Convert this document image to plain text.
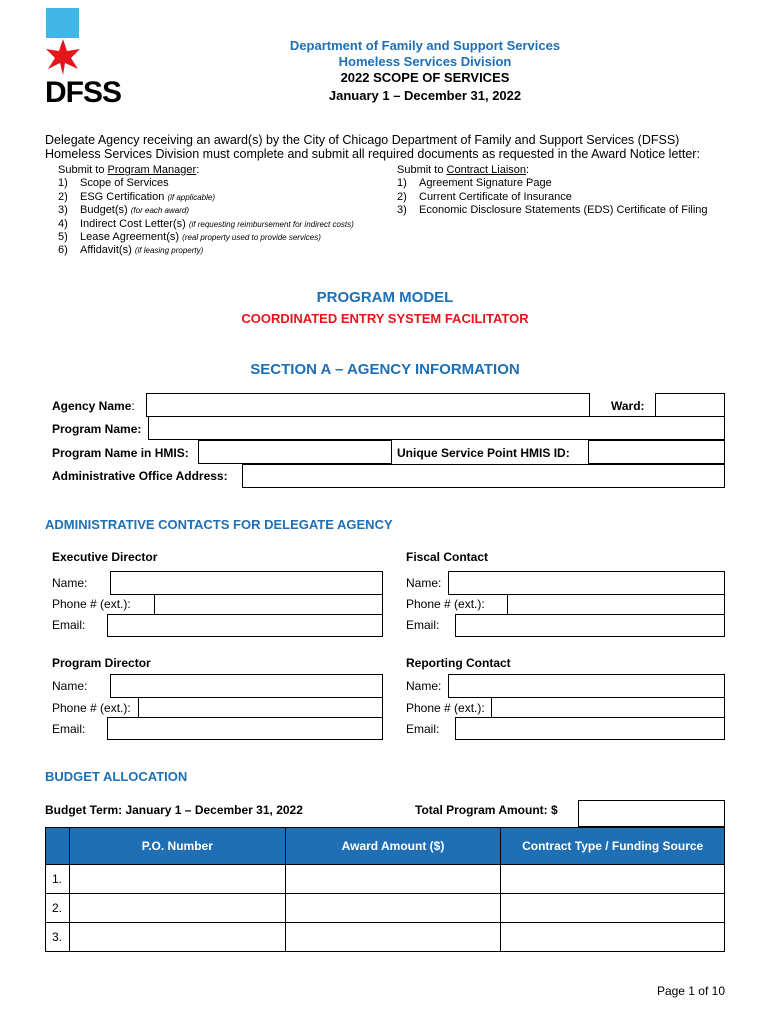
DFSS
Department of Family and Support Services
Homeless Services Division
2022 SCOPE OF SERVICES
January 1 – December 31, 2022
Delegate Agency receiving an award(s) by the City of Chicago Department of Family and Support Services (DFSS)
Homeless Services Division must complete and submit all required documents as requested in the Award Notice letter:
Submit to Program Manager:
1) Scope of Services
2) ESG Certification (if applicable)
3) Budget(s) (for each award)
4) Indirect Cost Letter(s) (if requesting reimbursement for indirect costs)
5) Lease Agreement(s) (real property used to provide services)
6) Affidavit(s) (if leasing property)
Submit to Contract Liaison:
1) Agreement Signature Page
2) Current Certificate of Insurance
3) Economic Disclosure Statements (EDS) Certificate of Filing
PROGRAM MODEL
COORDINATED ENTRY SYSTEM FACILITATOR
SECTION A – AGENCY INFORMATION
Agency Name:	Ward:
Program Name:
Program Name in HMIS:	Unique Service Point HMIS ID:
Administrative Office Address:
ADMINISTRATIVE CONTACTS FOR DELEGATE AGENCY
Executive Director
Name:
Phone # (ext.):
Email:
Fiscal Contact
Name:
Phone # (ext.):
Email:
Program Director
Name:
Phone # (ext.):
Email:
Reporting Contact
Name:
Phone # (ext.):
Email:
BUDGET ALLOCATION
Budget Term: January 1 – December 31, 2022	Total Program Amount: $
	P.O. Number	Award Amount ($)	Contract Type / Funding Source
1.			
2.			
3.			
Page 1 of 10
